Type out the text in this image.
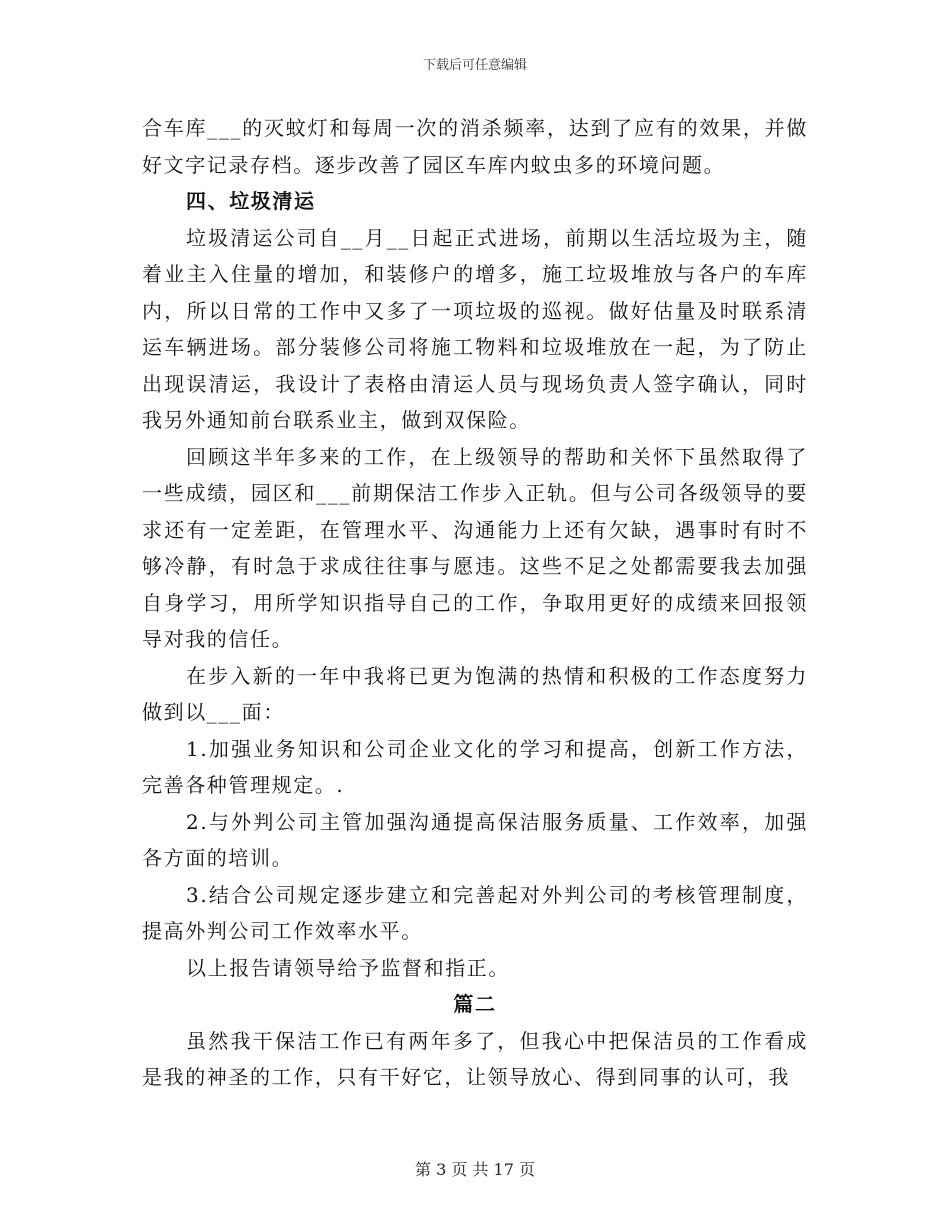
下载后可任意编辑

合车库___的灭蚊灯和每周一次的消杀频率，达到了应有的效果，并做好文字记录存档。逐步改善了园区车库内蚊虫多的环境问题。

四、垃圾清运

垃圾清运公司自__月__日起正式进场，前期以生活垃圾为主，随着业主入住量的增加，和装修户的增多，施工垃圾堆放与各户的车库内，所以日常的工作中又多了一项垃圾的巡视。做好估量及时联系清运车辆进场。部分装修公司将施工物料和垃圾堆放在一起，为了防止出现误清运，我设计了表格由清运人员与现场负责人签字确认，同时我另外通知前台联系业主，做到双保险。

回顾这半年多来的工作，在上级领导的帮助和关怀下虽然取得了一些成绩，园区和___前期保洁工作步入正轨。但与公司各级领导的要求还有一定差距，在管理水平、沟通能力上还有欠缺，遇事时有时不够冷静，有时急于求成往往事与愿违。这些不足之处都需要我去加强自身学习，用所学知识指导自己的工作，争取用更好的成绩来回报领导对我的信任。

在步入新的一年中我将已更为饱满的热情和积极的工作态度努力做到以___面：

1.加强业务知识和公司企业文化的学习和提高，创新工作方法，完善各种管理规定。.

2.与外判公司主管加强沟通提高保洁服务质量、工作效率，加强各方面的培训。

3.结合公司规定逐步建立和完善起对外判公司的考核管理制度，提高外判公司工作效率水平。

以上报告请领导给予监督和指正。

篇二

虽然我干保洁工作已有两年多了，但我心中把保洁员的工作看成是我的神圣的工作，只有干好它，让领导放心、得到同事的认可，我

第 3 页 共 17 页
